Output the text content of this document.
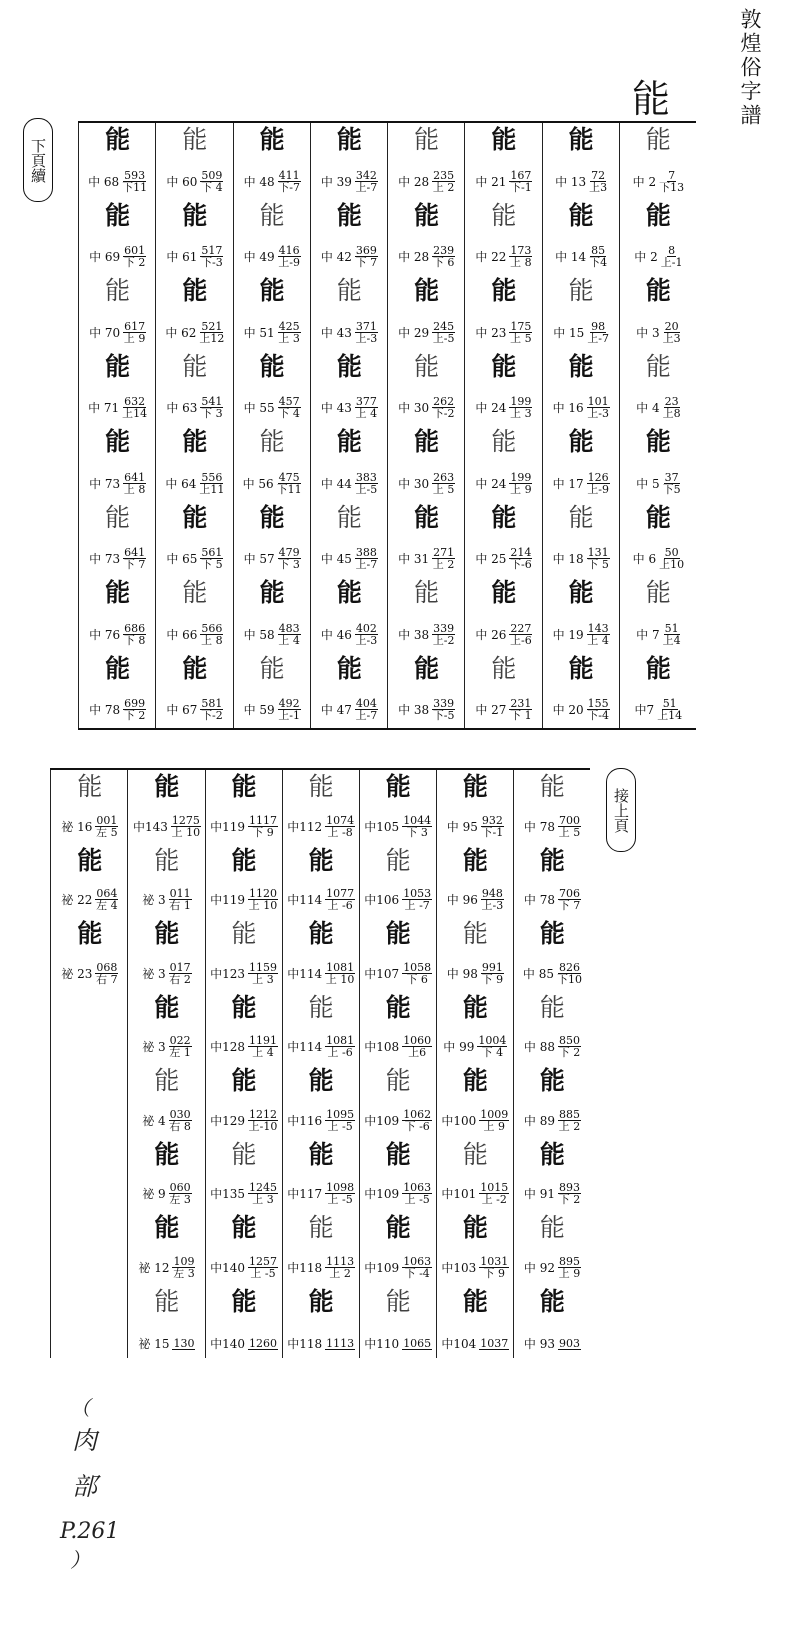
敦煌俗字譜
能
下頁續
接上頁
能
中 $2 \frac{7}{\text{下13}}$
能
中 $2 \frac{8}{\text{上-1}}$
能
中 $3 \frac{20}{\text{上3}}$
能
中 $4 \frac{23}{\text{上8}}$
能
中 $5 \frac{37}{\text{下5}}$
能
中 $6 \frac{50}{\text{上10}}$
能
中 $7 \frac{51}{\text{上4}}$
能
中$7 \frac{51}{\text{上14}}$
能
中 $13 \frac{72}{\text{上3}}$
能
中 $14 \frac{85}{\text{下4}}$
能
中 $15 \frac{98}{\text{上-7}}$
能
中 $16 \frac{101}{\text{上-3}}$
能
中 $17 \frac{126}{\text{上-9}}$
能
中 $18 \frac{131}{\text{下 5}}$
能
中 $19 \frac{143}{\text{上 4}}$
能
中 $20 \frac{155}{\text{下-4}}$
能
中 $21 \frac{167}{\text{下-1}}$
能
中 $22 \frac{173}{\text{上 8}}$
能
中 $23 \frac{175}{\text{上 5}}$
能
中 $24 \frac{199}{\text{上 3}}$
能
中 $24 \frac{199}{\text{上 9}}$
能
中 $25 \frac{214}{\text{下-6}}$
能
中 $26 \frac{227}{\text{上-6}}$
能
中 $27 \frac{231}{\text{下 1}}$
能
中 $28 \frac{235}{\text{上 2}}$
能
中 $28 \frac{239}{\text{下 6}}$
能
中 $29 \frac{245}{\text{上-5}}$
能
中 $30 \frac{262}{\text{下-2}}$
能
中 $30 \frac{263}{\text{上 5}}$
能
中 $31 \frac{271}{\text{上 2}}$
能
中 $38 \frac{339}{\text{上-2}}$
能
中 $38 \frac{339}{\text{下-5}}$
能
中 $39 \frac{342}{\text{上-7}}$
能
中 $42 \frac{369}{\text{下 7}}$
能
中 $43 \frac{371}{\text{上-3}}$
能
中 $43 \frac{377}{\text{上 4}}$
能
中 $44 \frac{383}{\text{上-5}}$
能
中 $45 \frac{388}{\text{上-7}}$
能
中 $46 \frac{402}{\text{上-3}}$
能
中 $47 \frac{404}{\text{上-7}}$
能
中 $48 \frac{411}{\text{下-7}}$
能
中 $49 \frac{416}{\text{上-9}}$
能
中 $51 \frac{425}{\text{上 3}}$
能
中 $55 \frac{457}{\text{下 4}}$
能
中 $56 \frac{475}{\text{下11}}$
能
中 $57 \frac{479}{\text{下 3}}$
能
中 $58 \frac{483}{\text{上 4}}$
能
中 $59 \frac{492}{\text{上-1}}$
能
中 $60 \frac{509}{\text{下 4}}$
能
中 $61 \frac{517}{\text{下-3}}$
能
中 $62 \frac{521}{\text{上12}}$
能
中 $63 \frac{541}{\text{下 3}}$
能
中 $64 \frac{556}{\text{上11}}$
能
中 $65 \frac{561}{\text{下 5}}$
能
中 $66 \frac{566}{\text{上 8}}$
能
中 $67 \frac{581}{\text{下-2}}$
能
中 $68 \frac{593}{\text{下11}}$
能
中 $69 \frac{601}{\text{下 2}}$
能
中 $70 \frac{617}{\text{上 9}}$
能
中 $71 \frac{632}{\text{上14}}$
能
中 $73 \frac{641}{\text{上 8}}$
能
中 $73 \frac{641}{\text{下 7}}$
能
中 $76 \frac{686}{\text{下 8}}$
能
中 $78 \frac{699}{\text{下 2}}$
能
中 $78 \frac{700}{\text{上 5}}$
能
中 $78 \frac{706}{\text{下 7}}$
能
中 $85 \frac{826}{\text{下10}}$
能
中 $88 \frac{850}{\text{下 2}}$
能
中 $89 \frac{885}{\text{上 2}}$
能
中 $91 \frac{893}{\text{下 2}}$
能
中 $92 \frac{895}{\text{上 9}}$
能
中 93 903
能
中 $95 \frac{932}{\text{下-1}}$
能
中 $96 \frac{948}{\text{上-3}}$
能
中 $98 \frac{991}{\text{下 9}}$
能
中 $99 \frac{1004}{\text{下 4}}$
能
中$100 \frac{1009}{\text{上 9}}$
能
中$101 \frac{1015}{\text{上 -2}}$
能
中$103 \frac{1031}{\text{下 9}}$
能
中104 1037
能
中$105 \frac{1044}{\text{下 3}}$
能
中$106 \frac{1053}{\text{上 -7}}$
能
中$107 \frac{1058}{\text{下 6}}$
能
中$108 \frac{1060}{\text{上6}}$
能
中$109 \frac{1062}{\text{下 -6}}$
能
中$109 \frac{1063}{\text{上 -5}}$
能
中$109 \frac{1063}{\text{下 -4}}$
能
中110 1065
能
中$112 \frac{1074}{\text{上 -8}}$
能
中$114 \frac{1077}{\text{上 -6}}$
能
中$114 \frac{1081}{\text{上 10}}$
能
中$114 \frac{1081}{\text{上 -6}}$
能
中$116 \frac{1095}{\text{上 -5}}$
能
中$117 \frac{1098}{\text{上 -5}}$
能
中$118 \frac{1113}{\text{上 2}}$
能
中118 1113
能
中$119 \frac{1117}{\text{下 9}}$
能
中$119 \frac{1120}{\text{上 10}}$
能
中$123 \frac{1159}{\text{上 3}}$
能
中$128 \frac{1191}{\text{上 4}}$
能
中$129 \frac{1212}{\text{上-10}}$
能
中$135 \frac{1245}{\text{上 3}}$
能
中$140 \frac{1257}{\text{上 -5}}$
能
中140 1260
能
中$143 \frac{1275}{\text{上 10}}$
能
祕 $3 \frac{011}{\text{右 1}}$
能
祕 $3 \frac{017}{\text{右 2}}$
能
祕 $3 \frac{022}{\text{左 1}}$
能
祕 $4 \frac{030}{\text{右 8}}$
能
祕 $9 \frac{060}{\text{左 3}}$
能
祕 $12 \frac{109}{\text{左 3}}$
能
祕 15 130
能
祕 $16 \frac{001}{\text{左 5}}$
能
祕 $22 \frac{064}{\text{左 4}}$
能
祕 $23 \frac{068}{\text{右 7}}$
（
肉
部
P.261
）
